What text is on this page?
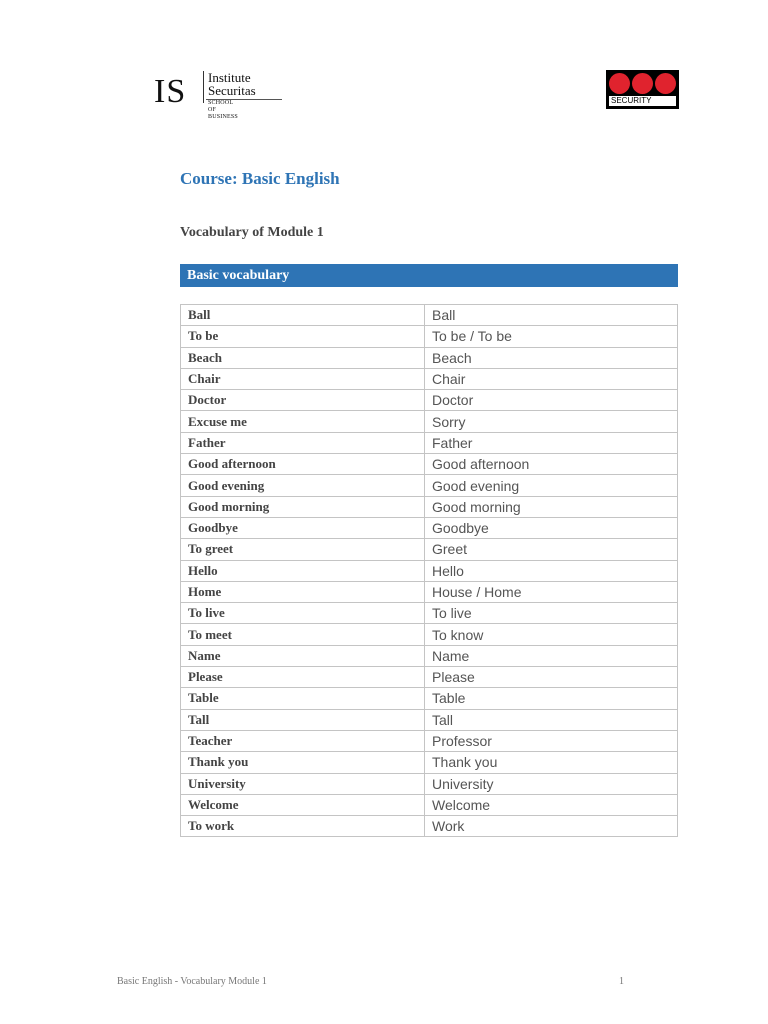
IS Institute
Securitas
SCHOOL OF BUSINESS
SECURITY
Course: Basic English
Vocabulary of Module 1
Basic vocabulary
Ball	Ball
To be	To be / To be
Beach	Beach
Chair	Chair
Doctor	Doctor
Excuse me	Sorry
Father	Father
Good afternoon	Good afternoon
Good evening	Good evening
Good morning	Good morning
Goodbye	Goodbye
To greet	Greet
Hello	Hello
Home	House / Home
To live	To live
To meet	To know
Name	Name
Please	Please
Table	Table
Tall	Tall
Teacher	Professor
Thank you	Thank you
University	University
Welcome	Welcome
To work	Work
Basic English - Vocabulary Module 1	1
